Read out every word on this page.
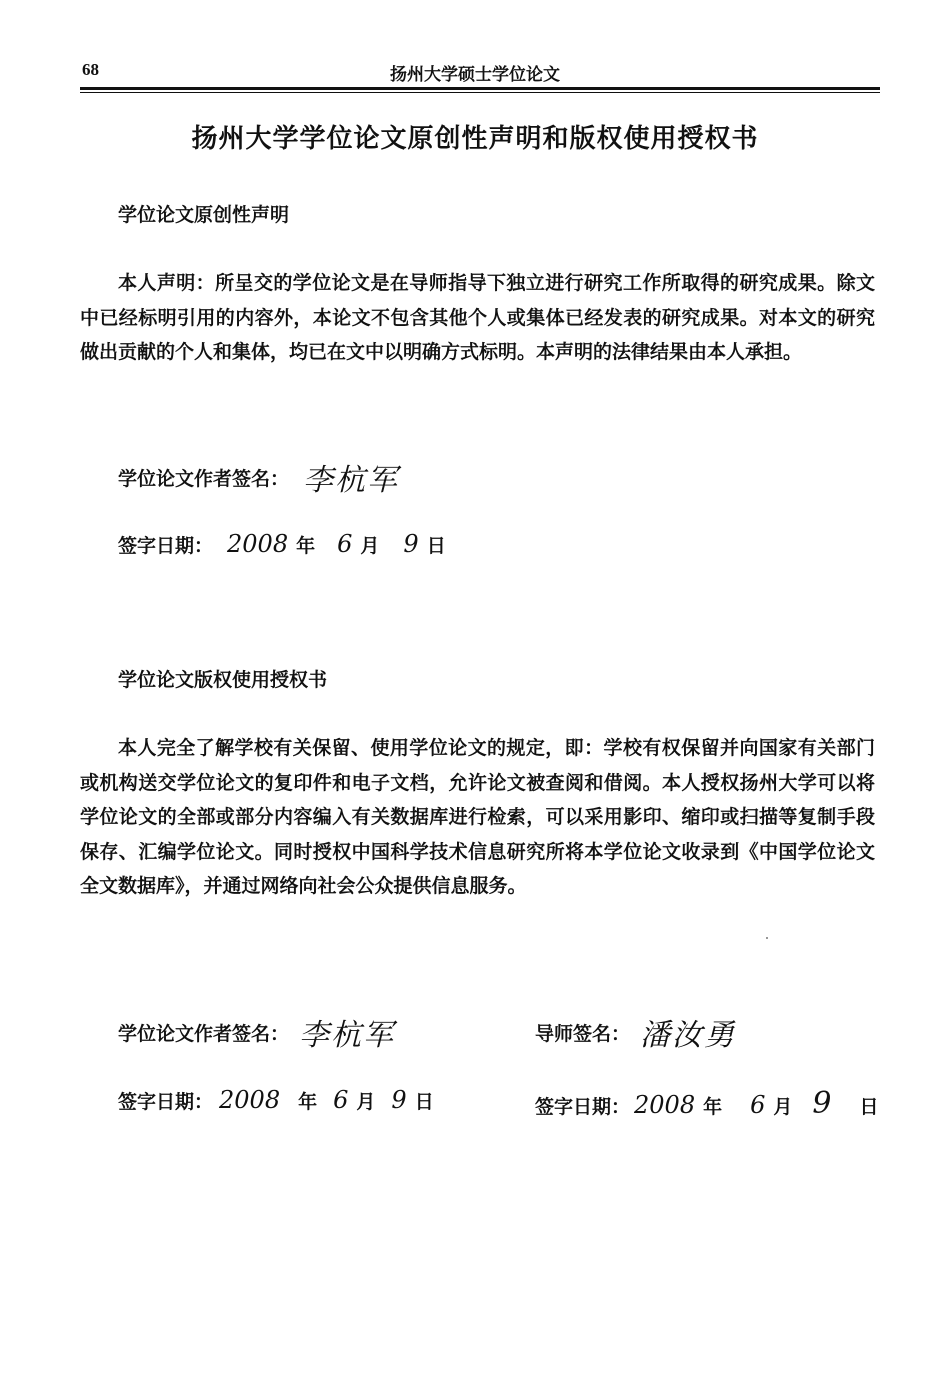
68	扬州大学硕士学位论文
扬州大学学位论文原创性声明和版权使用授权书
学位论文原创性声明
本人声明：所呈交的学位论文是在导师指导下独立进行研究工作所取得的研究成果。除文中已经标明引用的内容外，本论文不包含其他个人或集体已经发表的研究成果。对本文的研究做出贡献的个人和集体，均已在文中以明确方式标明。本声明的法律结果由本人承担。
学位论文作者签名： 李杭军
签字日期： 2008 年 6 月 9 日
学位论文版权使用授权书
本人完全了解学校有关保留、使用学位论文的规定，即：学校有权保留并向国家有关部门或机构送交学位论文的复印件和电子文档，允许论文被查阅和借阅。本人授权扬州大学可以将学位论文的全部或部分内容编入有关数据库进行检索，可以采用影印、缩印或扫描等复制手段保存、汇编学位论文。同时授权中国科学技术信息研究所将本学位论文收录到《中国学位论文全文数据库》，并通过网络向社会公众提供信息服务。
学位论文作者签名： 李杭军	导师签名： 潘汝勇
签字日期： 2008 年 6 月 9 日	签字日期： 2008 年 6 月 9 日
